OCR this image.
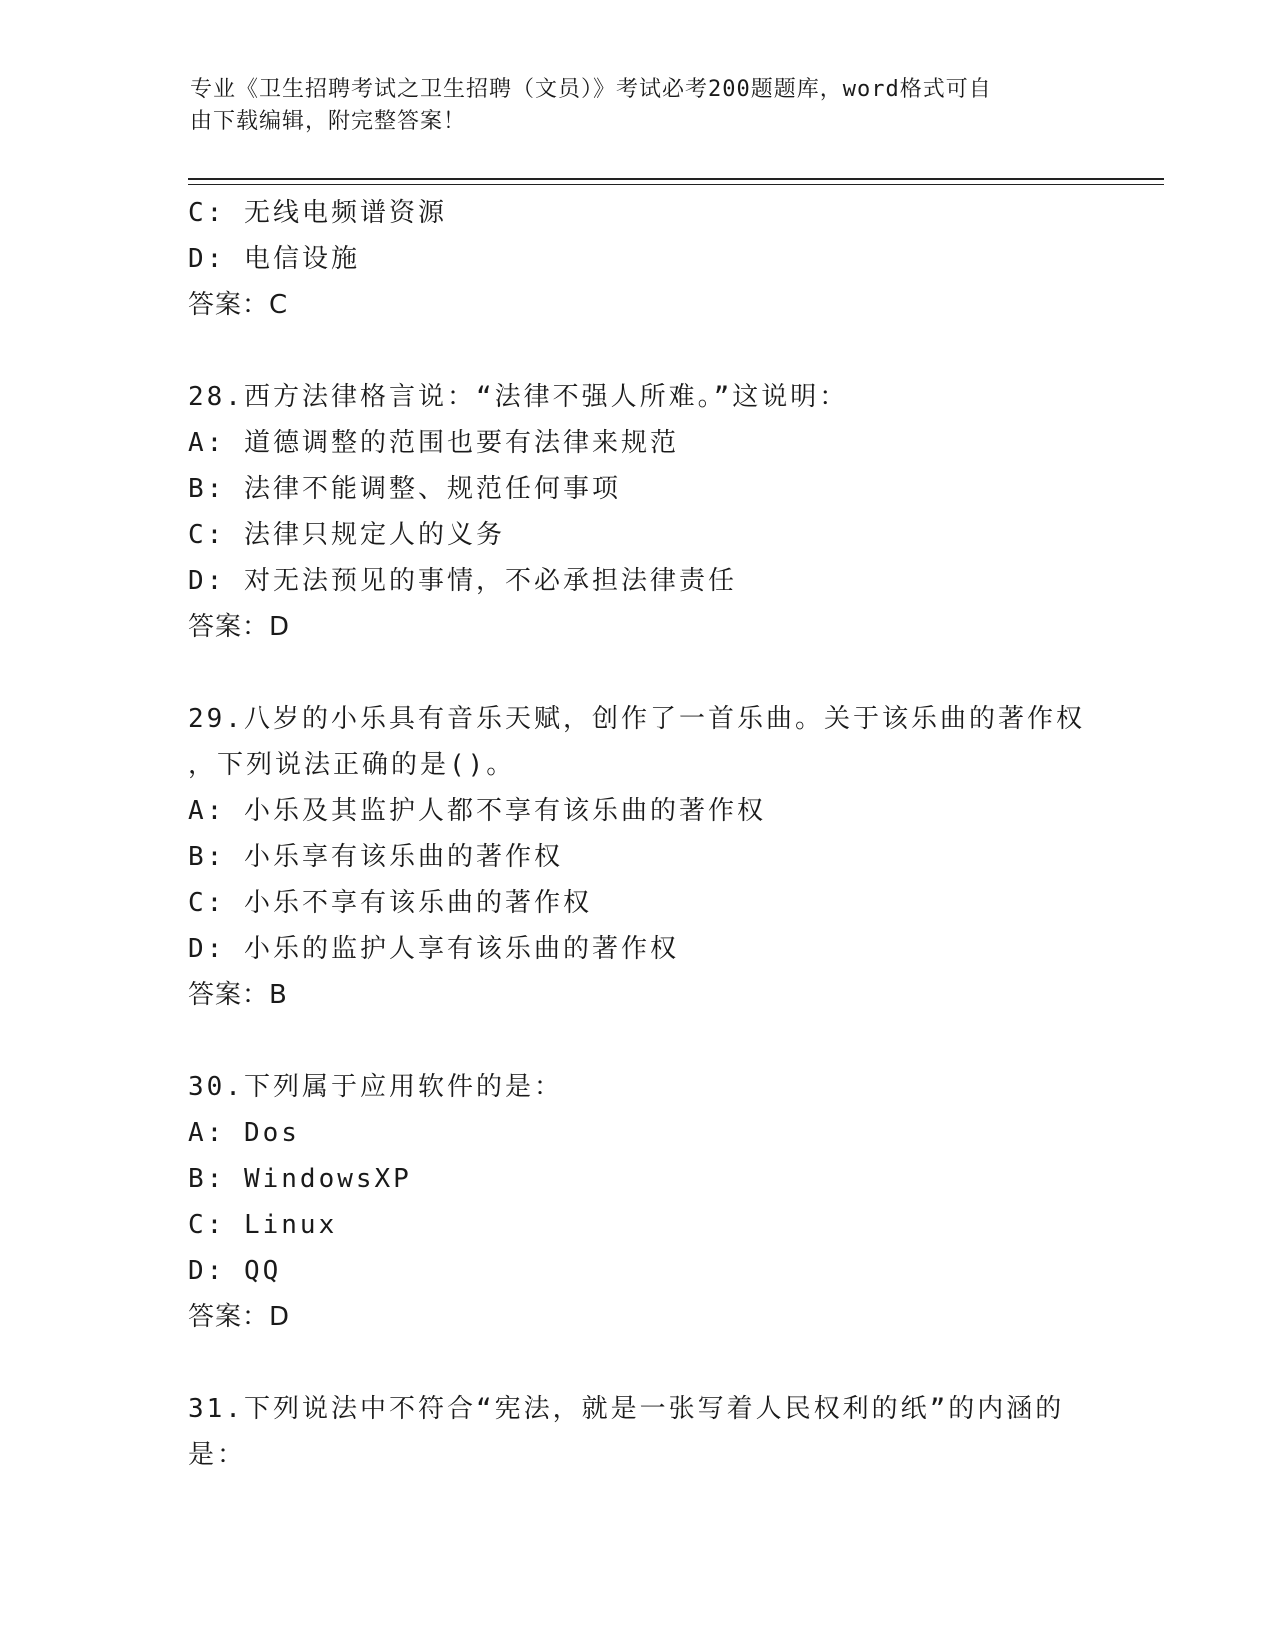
专业《卫生招聘考试之卫生招聘（文员）》考试必考200题题库，word格式可自
由下载编辑，附完整答案！
C: 无线电频谱资源
D: 电信设施
答案：C
28.西方法律格言说：“法律不强人所难。”这说明：
A: 道德调整的范围也要有法律来规范
B: 法律不能调整、规范任何事项
C: 法律只规定人的义务
D: 对无法预见的事情，不必承担法律责任
答案：D
29.八岁的小乐具有音乐天赋，创作了一首乐曲。关于该乐曲的著作权
，下列说法正确的是()。
A: 小乐及其监护人都不享有该乐曲的著作权
B: 小乐享有该乐曲的著作权
C: 小乐不享有该乐曲的著作权
D: 小乐的监护人享有该乐曲的著作权
答案：B
30.下列属于应用软件的是：
A: Dos
B: WindowsXP
C: Linux
D: QQ
答案：D
31.下列说法中不符合“宪法，就是一张写着人民权利的纸”的内涵的
是：
